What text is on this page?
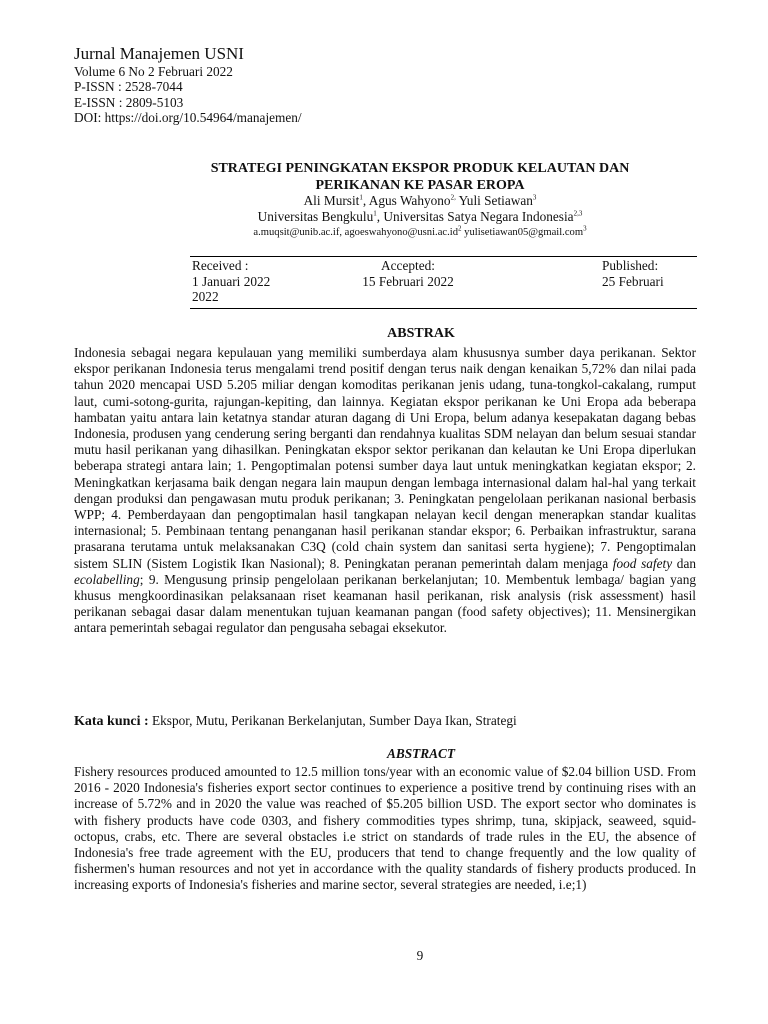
Jurnal Manajemen USNI
Volume 6 No 2 Februari 2022
P-ISSN : 2528-7044
E-ISSN : 2809-5103
DOI: https://doi.org/10.54964/manajemen/
STRATEGI PENINGKATAN EKSPOR PRODUK KELAUTAN DAN
PERIKANAN KE PASAR EROPA
Ali Mursit$^1$, Agus Wahyono$^{2,}$ Yuli Setiawan$^3$
Universitas Bengkulu$^1$, Universitas Satya Negara Indonesia$^{2,3}$
a.muqsit@unib.ac.if, $agoeswahyono@usni.ac.id^2$ yulisetiawan05@gmail.com$^3$
Received :
1 Januari 2022
2022
Accepted:
15 Februari 2022
Published:
25 Februari
ABSTRAK
Indonesia sebagai negara kepulauan yang memiliki sumberdaya alam khususnya sumber daya perikanan. Sektor ekspor perikanan Indonesia terus mengalami trend positif dengan terus naik dengan kenaikan 5,72% dan nilai pada tahun 2020 mencapai USD 5.205 miliar dengan komoditas perikanan jenis udang, tuna-tongkol-cakalang, rumput laut, cumi-sotong-gurita, rajungan-kepiting, dan lainnya. Kegiatan ekspor perikanan ke Uni Eropa ada beberapa hambatan yaitu antara lain ketatnya standar aturan dagang di Uni Eropa, belum adanya kesepakatan dagang bebas Indonesia, produsen yang cenderung sering berganti dan rendahnya kualitas SDM nelayan dan belum sesuai standar mutu hasil perikanan yang dihasilkan. Peningkatan ekspor sektor perikanan dan kelautan ke Uni Eropa diperlukan beberapa strategi antara lain; 1. Pengoptimalan potensi sumber daya laut untuk meningkatkan kegiatan ekspor; 2. Meningkatkan kerjasama baik dengan negara lain maupun dengan lembaga internasional dalam hal-hal yang terkait dengan produksi dan pengawasan mutu produk perikanan; 3. Peningkatan pengelolaan perikanan nasional berbasis WPP; 4. Pemberdayaan dan pengoptimalan hasil tangkapan nelayan kecil dengan menerapkan standar kualitas internasional; 5. Pembinaan tentang penanganan hasil perikanan standar ekspor; 6. Perbaikan infrastruktur, sarana prasarana terutama untuk melaksanakan C3Q (cold chain system dan sanitasi serta hygiene); 7. Pengoptimalan sistem SLIN (Sistem Logistik Ikan Nasional); 8. Peningkatan peranan pemerintah dalam menjaga food safety dan ecolabelling; 9. Mengusung prinsip pengelolaan perikanan berkelanjutan; 10. Membentuk lembaga/ bagian yang khusus mengkoordinasikan pelaksanaan riset keamanan hasil perikanan, risk analysis (risk assessment) hasil perikanan sebagai dasar dalam menentukan tujuan keamanan pangan (food safety objectives); 11. Mensinergikan antara pemerintah sebagai regulator dan pengusaha sebagai eksekutor.
Kata kunci : Ekspor, Mutu, Perikanan Berkelanjutan, Sumber Daya Ikan, Strategi
ABSTRACT
Fishery resources produced amounted to 12.5 million tons/year with an economic value of $2.04 billion USD. From 2016 - 2020 Indonesia's fisheries export sector continues to experience a positive trend by continuing rises with an increase of 5.72% and in 2020 the value was reached of $5.205 billion USD. The export sector who dominates is with fishery products have code 0303, and fishery commodities types shrimp, tuna, skipjack, seaweed, squid-octopus, crabs, etc. There are several obstacles i.e strict on standards of trade rules in the EU, the absence of Indonesia's free trade agreement with the EU, producers that tend to change frequently and the low quality of fishermen's human resources and not yet in accordance with the quality standards of fishery products produced. In increasing exports of Indonesia's fisheries and marine sector, several strategies are needed, i.e;1)
9
